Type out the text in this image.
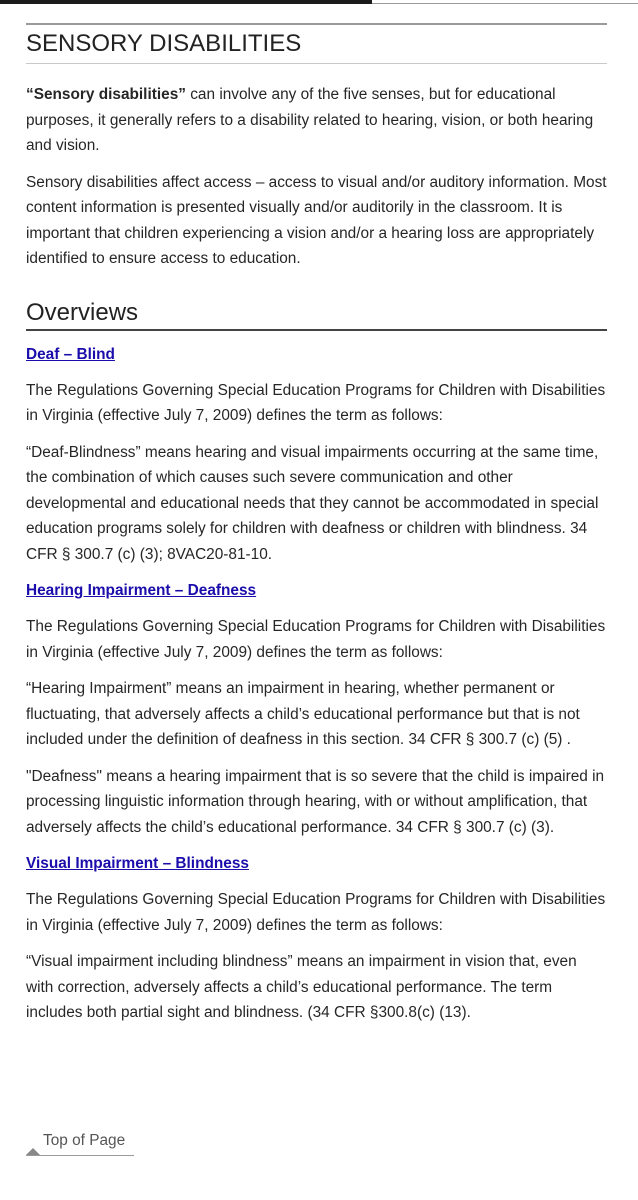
SENSORY DISABILITIES

“Sensory disabilities” can involve any of the five senses, but for educational purposes, it generally refers to a disability related to hearing, vision, or both hearing and vision.

Sensory disabilities affect access – access to visual and/or auditory information. Most content information is presented visually and/or auditorily in the classroom. It is important that children experiencing a vision and/or a hearing loss are appropriately identified to ensure access to education.

Overviews
Deaf – Blind

The Regulations Governing Special Education Programs for Children with Disabilities in Virginia (effective July 7, 2009) defines the term as follows:

“Deaf-Blindness” means hearing and visual impairments occurring at the same time, the combination of which causes such severe communication and other developmental and educational needs that they cannot be accommodated in special education programs solely for children with deafness or children with blindness. 34 CFR § 300.7 (c) (3); 8VAC20-81-10.

Hearing Impairment – Deafness

The Regulations Governing Special Education Programs for Children with Disabilities in Virginia (effective July 7, 2009) defines the term as follows:

“Hearing Impairment” means an impairment in hearing, whether permanent or fluctuating, that adversely affects a child’s educational performance but that is not included under the definition of deafness in this section. 34 CFR § 300.7 (c) (5) .

"Deafness" means a hearing impairment that is so severe that the child is impaired in processing linguistic information through hearing, with or without amplification, that adversely affects the child’s educational performance. 34 CFR § 300.7 (c) (3).

Visual Impairment – Blindness

The Regulations Governing Special Education Programs for Children with Disabilities in Virginia (effective July 7, 2009) defines the term as follows:

“Visual impairment including blindness” means an impairment in vision that, even with correction, adversely affects a child’s educational performance. The term includes both partial sight and blindness. (34 CFR §300.8(c) (13).

Top of Page
